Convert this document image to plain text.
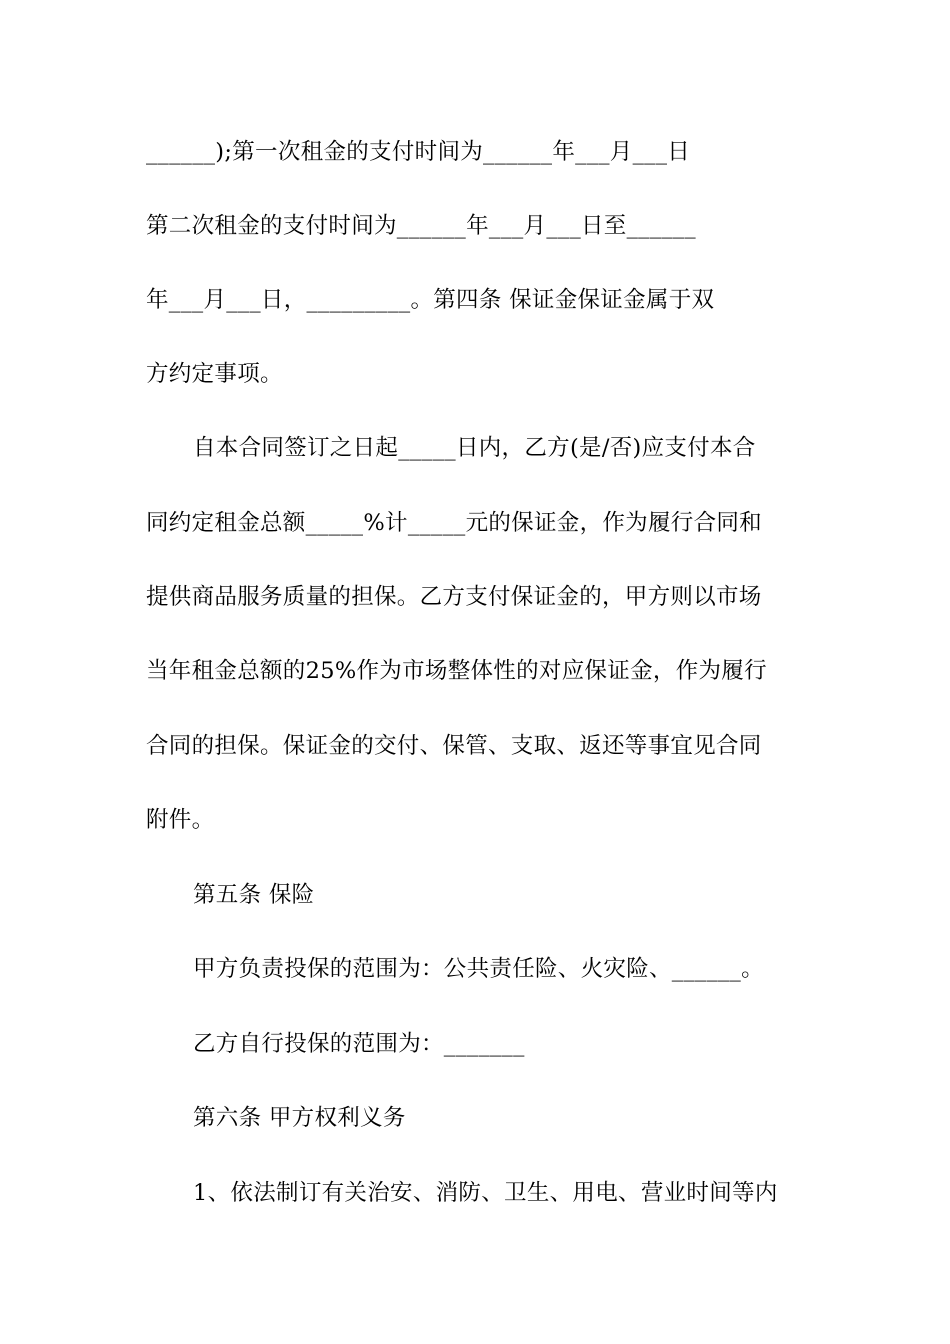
______);第一次租金的支付时间为______年___月___日
第二次租金的支付时间为______年___月___日至______
年___月___日，_________。第四条 保证金保证金属于双
方约定事项。
自本合同签订之日起_____日内，乙方(是/否)应支付本合
同约定租金总额_____%计_____元的保证金，作为履行合同和
提供商品服务质量的担保。乙方支付保证金的，甲方则以市场
当年租金总额的25%作为市场整体性的对应保证金，作为履行
合同的担保。保证金的交付、保管、支取、返还等事宜见合同
附件。
第五条 保险
甲方负责投保的范围为：公共责任险、火灾险、______。
乙方自行投保的范围为：_______
第六条 甲方权利义务
1、依法制订有关治安、消防、卫生、用电、营业时间等内
